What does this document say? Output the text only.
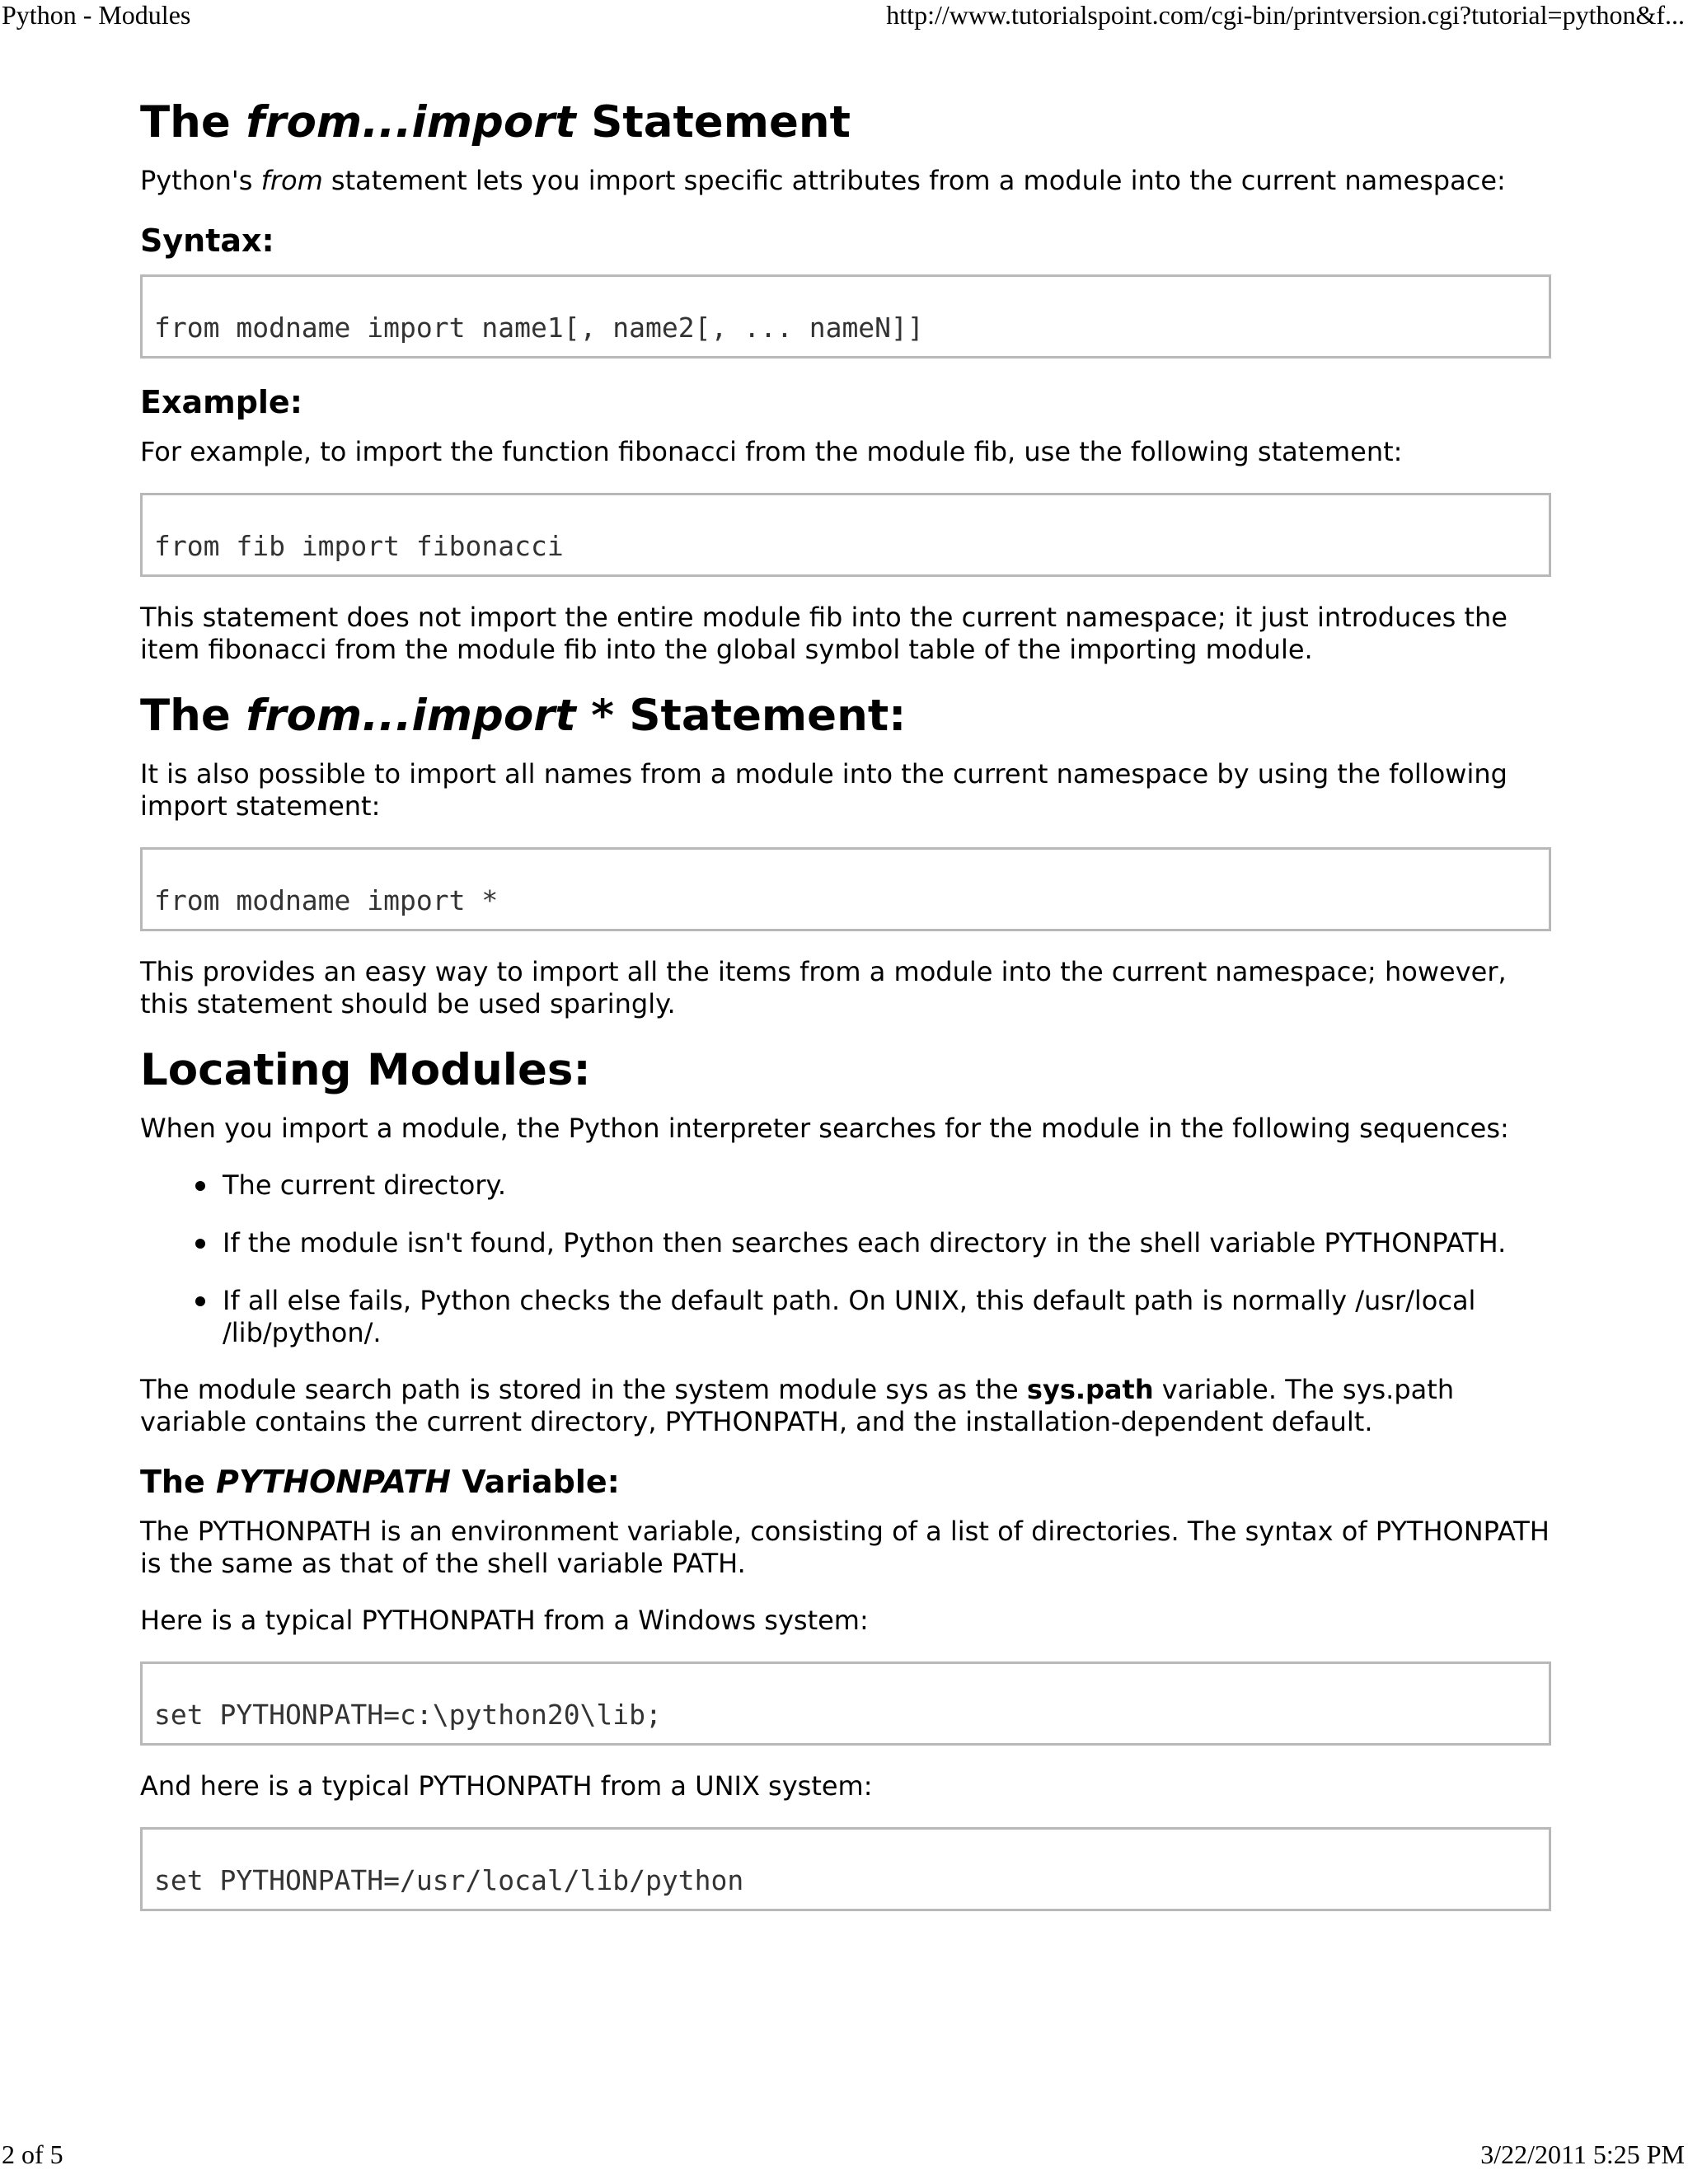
Python - Modules	http://www.tutorialspoint.com/cgi-bin/printversion.cgi?tutorial=python&f...
The from...import Statement

Python's from statement lets you import specific attributes from a module into the current namespace:

Syntax:
from modname import name1[, name2[, ... nameN]]
Example:

For example, to import the function fibonacci from the module fib, use the following statement:

from fib import fibonacci

This statement does not import the entire module fib into the current namespace; it just introduces the item fibonacci from the module fib into the global symbol table of the importing module.

The from...import * Statement:

It is also possible to import all names from a module into the current namespace by using the following import statement:

from modname import *

This provides an easy way to import all the items from a module into the current namespace; however, this statement should be used sparingly.

Locating Modules:

When you import a module, the Python interpreter searches for the module in the following sequences:

The current directory.
If the module isn't found, Python then searches each directory in the shell variable PYTHONPATH.
If all else fails, Python checks the default path. On UNIX, this default path is normally /usr/local /lib/python/.

The module search path is stored in the system module sys as the sys.path variable. The sys.path variable contains the current directory, PYTHONPATH, and the installation-dependent default.

The PYTHONPATH Variable:

The PYTHONPATH is an environment variable, consisting of a list of directories. The syntax of PYTHONPATH is the same as that of the shell variable PATH.

Here is a typical PYTHONPATH from a Windows system:

set PYTHONPATH=c:\python20\lib;

And here is a typical PYTHONPATH from a UNIX system:

set PYTHONPATH=/usr/local/lib/python
2 of 5	3/22/2011 5:25 PM
